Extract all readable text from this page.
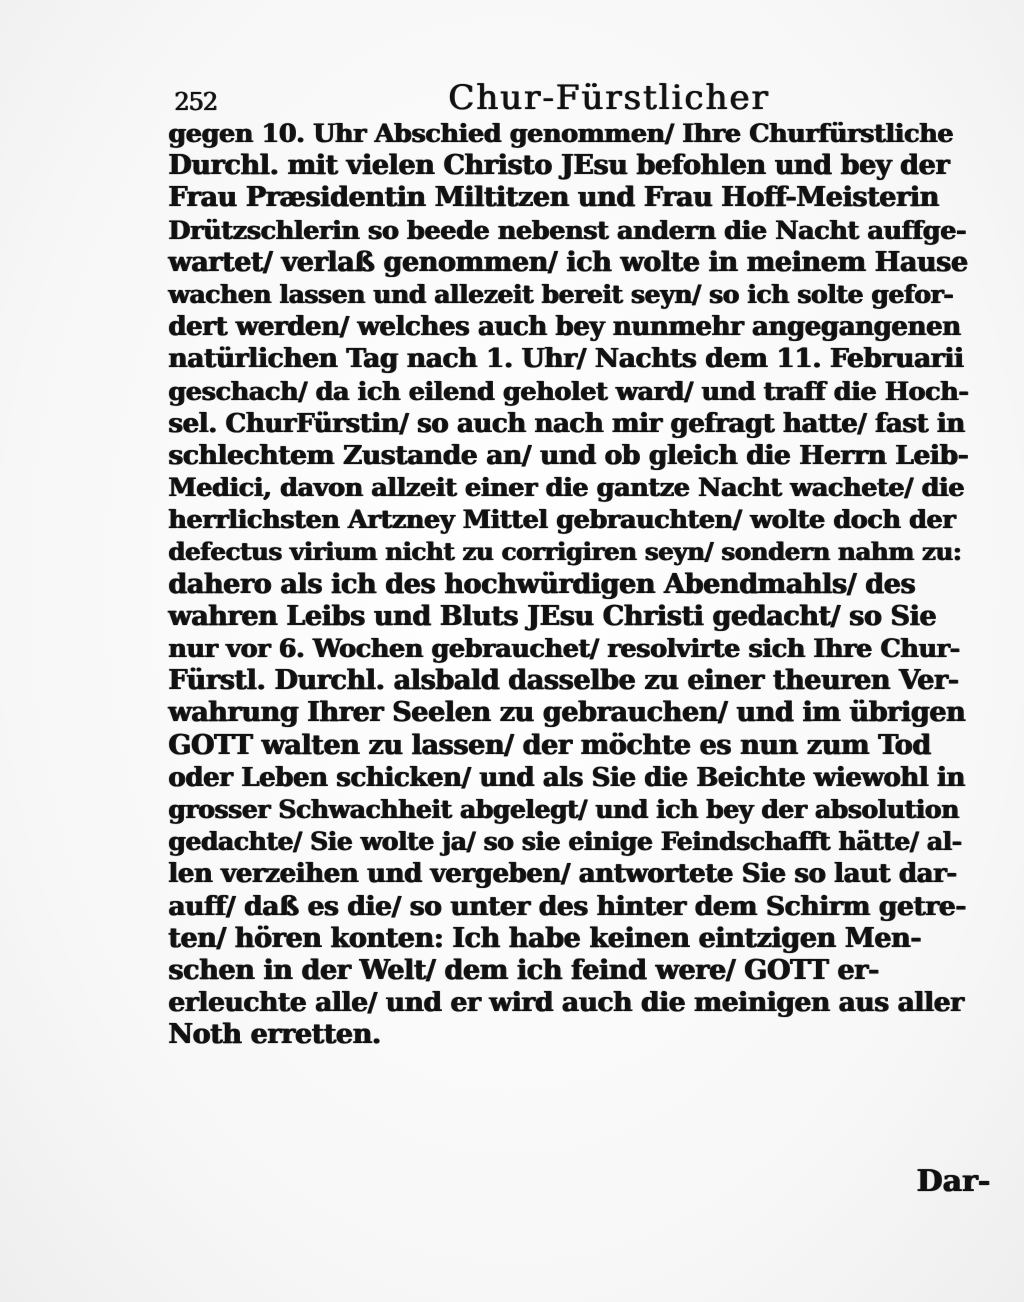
252	Chur-Fürstlicher

gegen 10. Uhr Abschied genommen/ Ihre Churfürstliche

Durchl. mit vielen Christo JEsu befohlen und bey der

Frau Præsidentin Miltitzen und Frau Hoff-Meisterin

Drützschlerin so beede nebenst andern die Nacht auffge-

wartet/ verlaß genommen/ ich wolte in meinem Hause

wachen lassen und allezeit bereit seyn/ so ich solte gefor-

dert werden/ welches auch bey nunmehr angegangenen

natürlichen Tag nach 1. Uhr/ Nachts dem 11. Februarii

geschach/ da ich eilend geholet ward/ und traff die Hoch-

sel. ChurFürstin/ so auch nach mir gefragt hatte/ fast in

schlechtem Zustande an/ und ob gleich die Herrn Leib-

Medici, davon allzeit einer die gantze Nacht wachete/ die

herrlichsten Artzney Mittel gebrauchten/ wolte doch der

defectus virium nicht zu corrigiren seyn/ sondern nahm zu:

dahero als ich des hochwürdigen Abendmahls/ des

wahren Leibs und Bluts JEsu Christi gedacht/ so Sie

nur vor 6. Wochen gebrauchet/ resolvirte sich Ihre Chur-

Fürstl. Durchl. alsbald dasselbe zu einer theuren Ver-

wahrung Ihrer Seelen zu gebrauchen/ und im übrigen

GOTT walten zu lassen/ der möchte es nun zum Tod

oder Leben schicken/ und als Sie die Beichte wiewohl in

grosser Schwachheit abgelegt/ und ich bey der absolution

gedachte/ Sie wolte ja/ so sie einige Feindschafft hätte/ al-

len verzeihen und vergeben/ antwortete Sie so laut dar-

auff/ daß es die/ so unter des hinter dem Schirm getre-

ten/ hören konten: Ich habe keinen eintzigen Men-

schen in der Welt/ dem ich feind were/ GOTT er-

erleuchte alle/ und er wird auch die meinigen aus aller

Noth erretten.

Dar-
